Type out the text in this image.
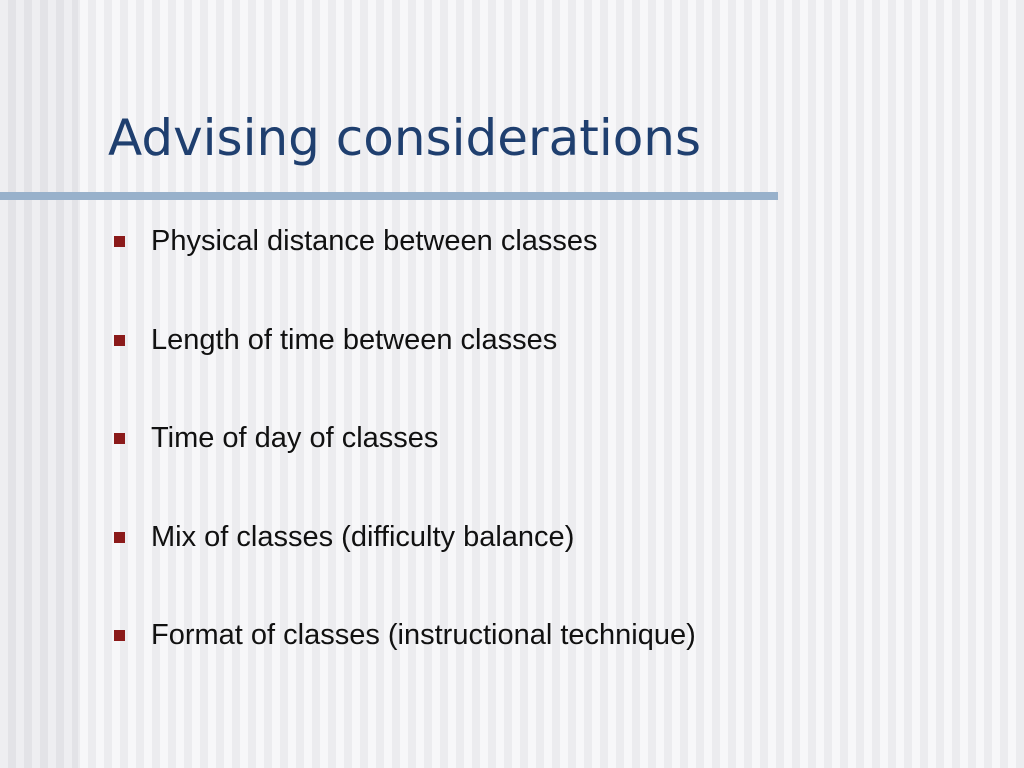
Advising considerations
Physical distance between classes
Length of time between classes
Time of day of classes
Mix of classes (difficulty balance)
Format of classes (instructional technique)
